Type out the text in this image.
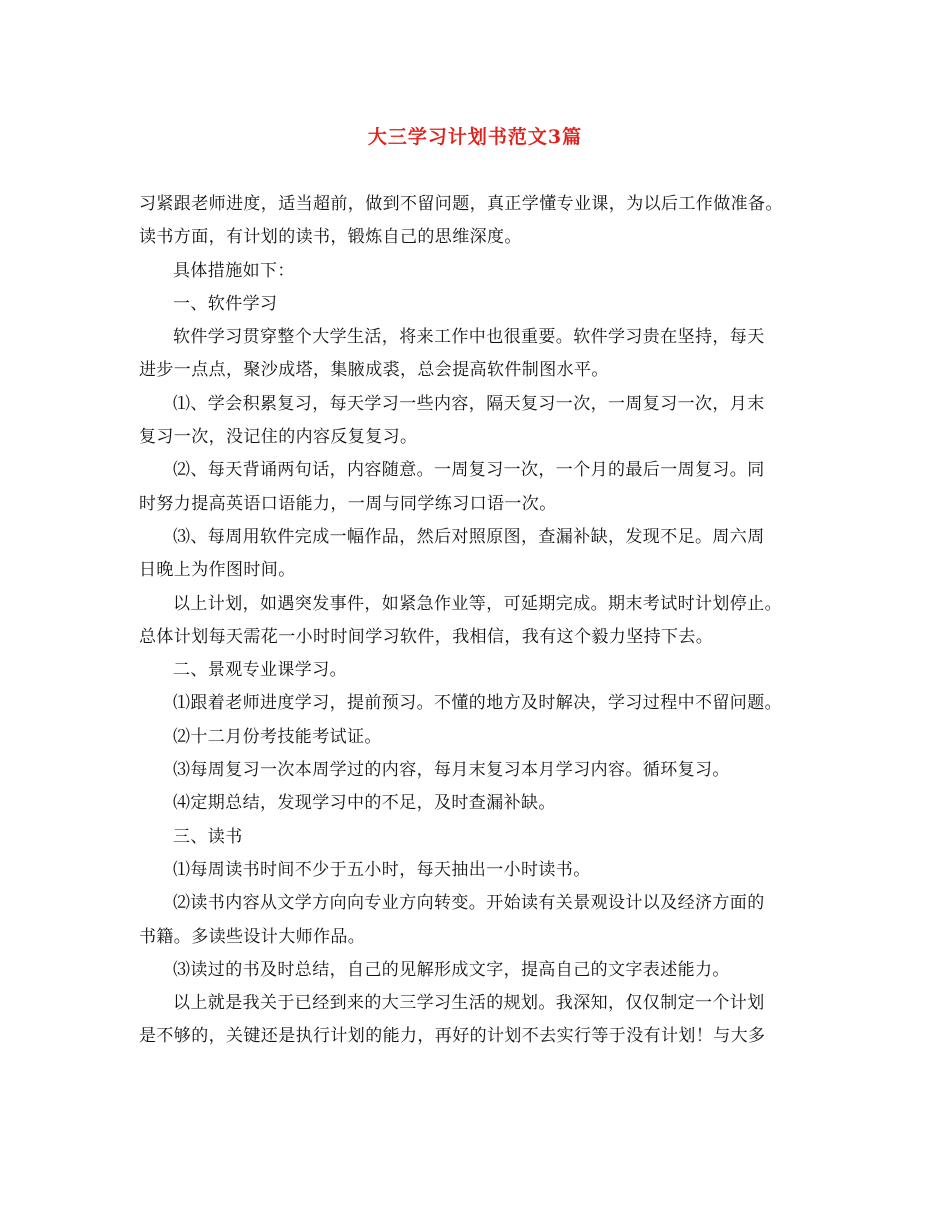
大三学习计划书范文3篇

习紧跟老师进度，适当超前，做到不留问题，真正学懂专业课，为以后工作做准备。
读书方面，有计划的读书，锻炼自己的思维深度。

具体措施如下：

一、软件学习

软件学习贯穿整个大学生活，将来工作中也很重要。软件学习贵在坚持，每天
进步一点点，聚沙成塔，集腋成裘，总会提高软件制图水平。

⑴、学会积累复习，每天学习一些内容，隔天复习一次，一周复习一次，月末
复习一次，没记住的内容反复复习。

⑵、每天背诵两句话，内容随意。一周复习一次，一个月的最后一周复习。同
时努力提高英语口语能力，一周与同学练习口语一次。

⑶、每周用软件完成一幅作品，然后对照原图，查漏补缺，发现不足。周六周
日晚上为作图时间。

以上计划，如遇突发事件，如紧急作业等，可延期完成。期末考试时计划停止。
总体计划每天需花一小时时间学习软件，我相信，我有这个毅力坚持下去。

二、景观专业课学习。

⑴跟着老师进度学习，提前预习。不懂的地方及时解决，学习过程中不留问题。

⑵十二月份考技能考试证。

⑶每周复习一次本周学过的内容，每月末复习本月学习内容。循环复习。

⑷定期总结，发现学习中的不足，及时查漏补缺。

三、读书

⑴每周读书时间不少于五小时，每天抽出一小时读书。

⑵读书内容从文学方向向专业方向转变。开始读有关景观设计以及经济方面的
书籍。多读些设计大师作品。

⑶读过的书及时总结，自己的见解形成文字，提高自己的文字表述能力。

以上就是我关于已经到来的大三学习生活的规划。我深知，仅仅制定一个计划
是不够的，关键还是执行计划的能力，再好的计划不去实行等于没有计划！与大多
